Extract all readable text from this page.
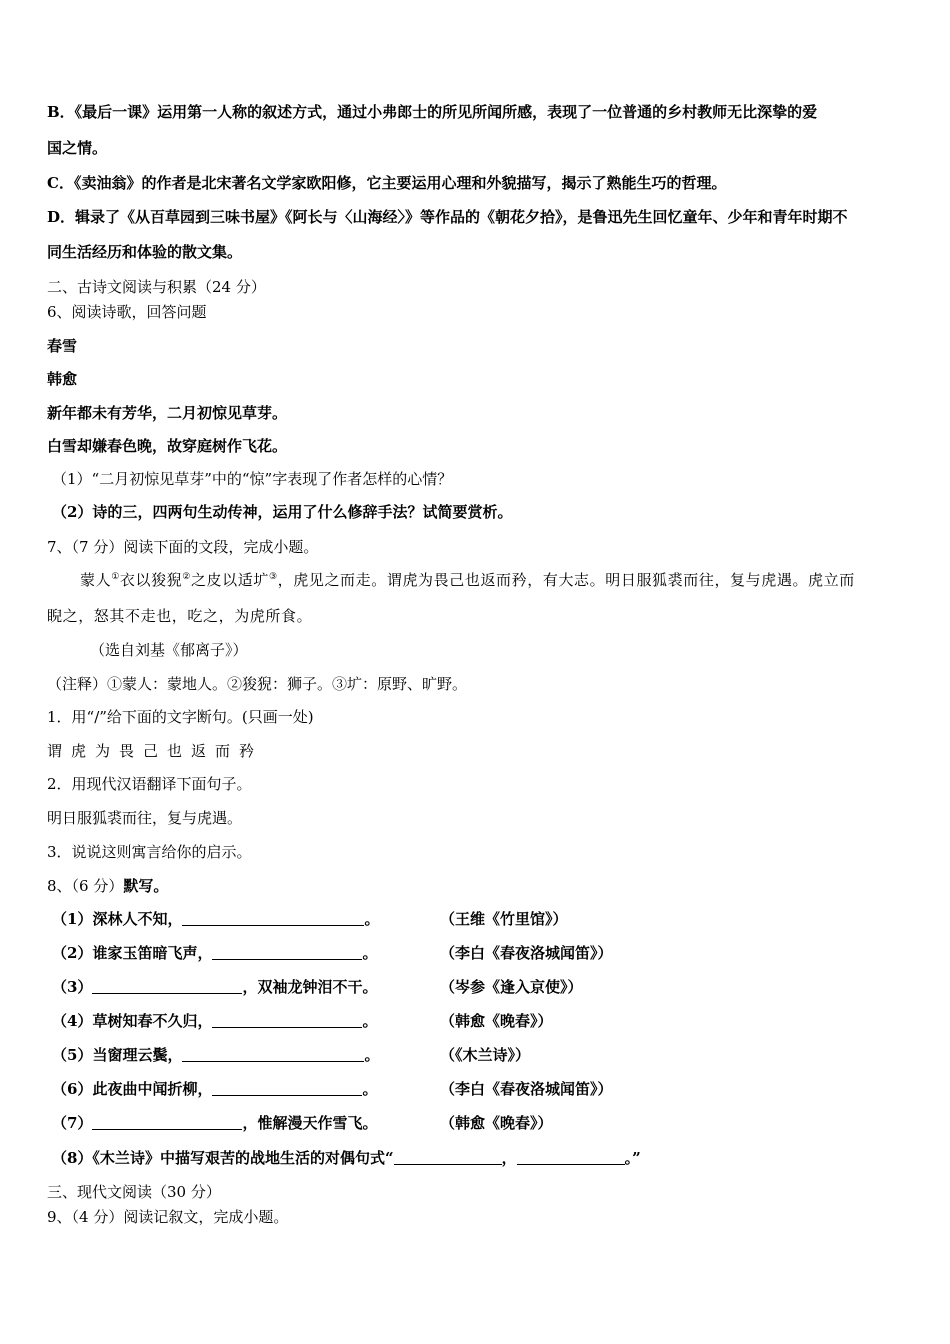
B．《最后一课》运用第一人称的叙述方式，通过小弗郎士的所见所闻所感，表现了一位普通的乡村教师无比深挚的爱
国之情。
C．《卖油翁》的作者是北宋著名文学家欧阳修，它主要运用心理和外貌描写，揭示了熟能生巧的哲理。
D．辑录了《从百草园到三味书屋》《阿长与〈山海经〉》等作品的《朝花夕拾》，是鲁迅先生回忆童年、少年和青年时期不
同生活经历和体验的散文集。
二、古诗文阅读与积累（24 分）
6、阅读诗歌，回答问题
春雪
韩愈
新年都未有芳华，二月初惊见草芽。
白雪却嫌春色晚，故穿庭树作飞花。
（1）“二月初惊见草芽”中的“惊”字表现了作者怎样的心情？
（2）诗的三，四两句生动传神，运用了什么修辞手法？试简要赏析。
7、（7 分）阅读下面的文段，完成小题。
蒙人①衣以狻猊②之皮以适圹③，虎见之而走。谓虎为畏己也返而矜，有大志。明日服狐裘而往，复与虎遇。虎立而
睨之，怒其不走也，吃之，为虎所食。
（选自刘基《郁离子》）
（注释）①蒙人：蒙地人。②狻猊：狮子。③圹：原野、旷野。
1．用“/”给下面的文字断句。(只画一处)
谓虎为畏己也返而矜
2．用现代汉语翻译下面句子。
明日服狐裘而往，复与虎遇。
3．说说这则寓言给你的启示。
8、（6 分）默写。
（1）深林人不知，	。	（王维《竹里馆》）
（2）谁家玉笛暗飞声，	。	（李白《春夜洛城闻笛》）
（3）	，双袖龙钟泪不干。	（岑参《逢入京使》）
（4）草树知春不久归，	。	（韩愈《晚春》）
（5）当窗理云鬓，	。	（《木兰诗》）
（6）此夜曲中闻折柳，	。	（李白《春夜洛城闻笛》）
（7）	，惟解漫天作雪飞。	（韩愈《晚春》）
（8）《木兰诗》中描写艰苦的战地生活的对偶句式“	，	。”
三、现代文阅读（30 分）
9、（4 分）阅读记叙文，完成小题。
